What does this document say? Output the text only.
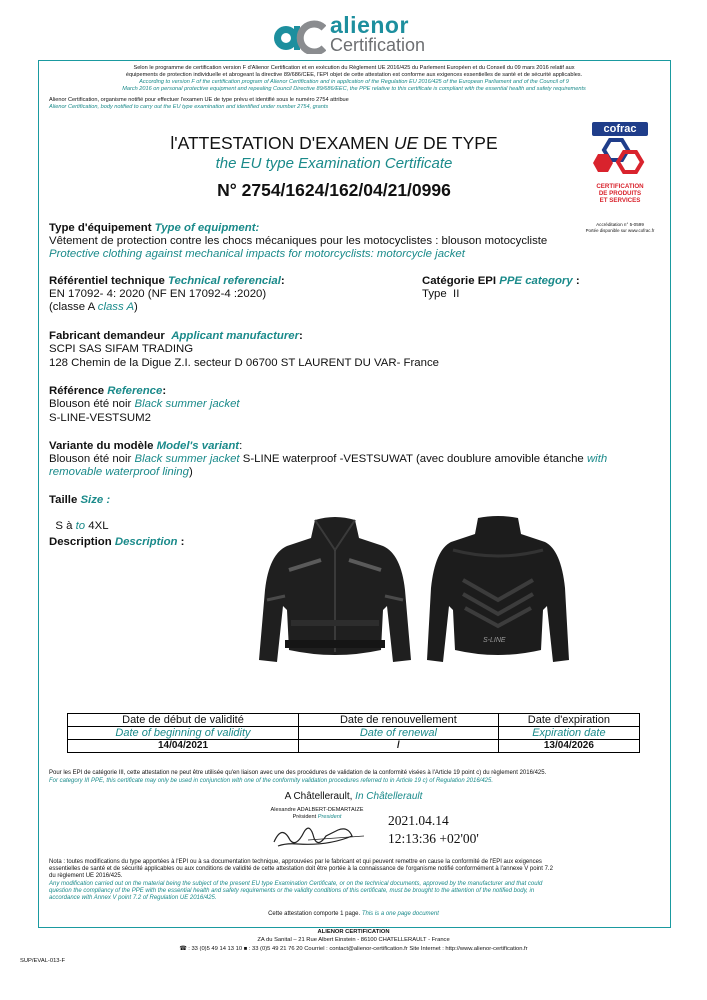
alienor
Certification
Selon le programme de certification version F d'Alienor Certification et en exécution du Règlement UE 2016/425 du Parlement Européen et du Conseil du 09 mars 2016 relatif aux
équipements de protection individuelle et abrogeant la directive 89/686/CEE, l'EPI objet de cette attestation est conforme aux exigences essentielles de santé et de sécurité applicables.
According to version F of the certification program of Alienor Certification and in application of the Regulation EU 2016/425 of the European Parliament and of the Council of 9
March 2016 on personal protective equipment and repealing Council Directive 89/686/EEC, the PPE relative to this certificate is compliant with the essential health and safety requirements
Alienor Certification, organisme notifié pour effectuer l'examen UE de type prévu et identifié sous le numéro 2754 attribue
Alienor Certification, body notified to carry out the EU type examination and identified under number 2754, grants
l'ATTESTATION D'EXAMEN UE DE TYPE
the EU type Examination Certificate
N° 2754/1624/162/04/21/0996
cofrac
CERTIFICATION
DE PRODUITS
ET SERVICES
Accréditation n° 5-0599
Portée disponible sur www.cofrac.fr
Type d'équipement Type of equipment:
Vêtement de protection contre les chocs mécaniques pour les motocyclistes : blouson motocycliste
Protective clothing against mechanical impacts for motorcyclists: motorcycle jacket
Référentiel technique Technical referencial:
EN 17092- 4: 2020 (NF EN 17092-4 :2020)
(classe A class A)
Catégorie EPI PPE category :
Type  II
Fabricant demandeur Applicant manufacturer:
SCPI SAS SIFAM TRADING
128 Chemin de la Digue Z.I. secteur D 06700 ST LAURENT DU VAR- France
Référence Reference:
Blouson été noir Black summer jacket
S-LINE-VESTSUM2
Variante du modèle Model's variant:
Blouson été noir Black summer jacket S-LINE waterproof -VESTSUWAT (avec doublure amovible étanche with
removable waterproof lining)
Taille Size :

S à to 4XL

Description Description :
S-LINE
Date de début de validité	Date de renouvellement	Date d'expiration
Date of beginning of validity	Date of renewal	Expiration date
14/04/2021	/	13/04/2026
Pour les EPI de catégorie III, cette attestation ne peut être utilisée qu'en liaison avec une des procédures de validation de la conformité visées à l'Article 19 point c) du règlement 2016/425.
For category III PPE, this certificate may only be used in conjunction with one of the conformity validation procedures referred to in Article 19 c) of Regulation 2016/425.
A Châtellerault, In Châtellerault
Alexandre ADALBERT-DEMARTAIZE
Président President	2021.04.14
12:13:36 +02'00'
Nota : toutes modifications du type apportées à l'EPI ou à sa documentation technique, approuvées par le fabricant et qui peuvent remettre en cause la conformité de l'EPI aux exigences
essentielles de santé et de sécurité applicables ou aux conditions de validité de cette attestation doit être portée à la connaissance de l'organisme notifié conformément à l'annexe V point 7.2
du règlement UE 2016/425.
Any modification carried out on the material being the subject of the present EU type Examination Certificate, or on the technical documents, approved by the manufacturer and that could
question the compliancy of the PPE with the essential health and safety requirements or the validity conditions of this certificate, must be brought to the attention of the notified body, in
accordance with Annex V point 7.2 of Regulation UE 2016/425.
Cette attestation comporte 1 page. This is a one page document
ALIENOR CERTIFICATION
ZA du Sanital – 21 Rue Albert Einstein - 86100 CHATELLERAULT - France
☎ : 33 (0)5 49 14 13 10 ■ : 33 (0)5 49 21 76 20 Courriel : contact@alienor-certification.fr Site Internet : http://www.alienor-certification.fr
SUP/EVAL-013-F
